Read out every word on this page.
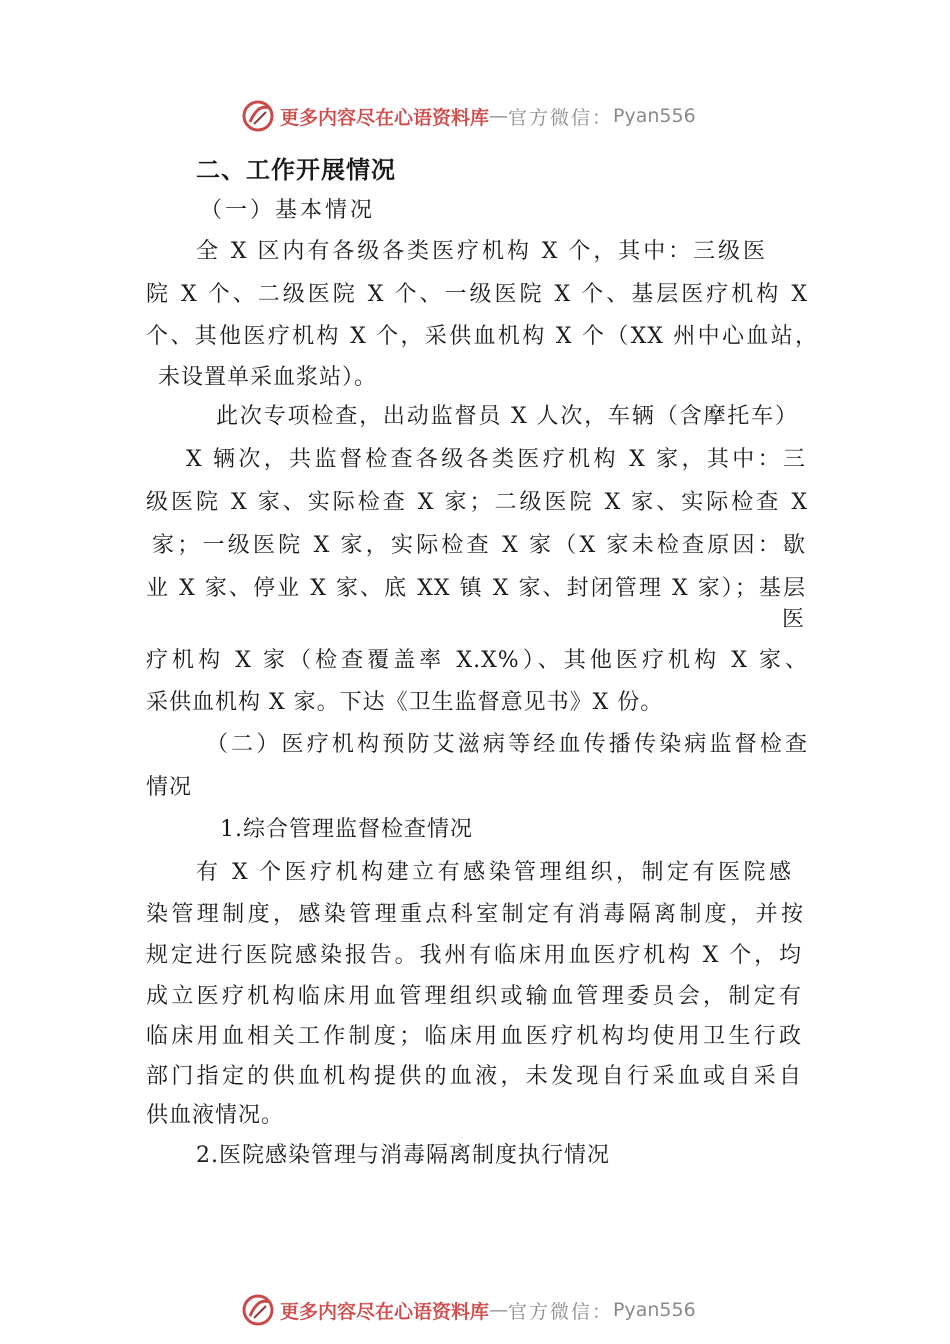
更多内容尽在心语资料库 — 官方微信： Pyan556
二、工作开展情况
（一）基本情况
全 X 区内有各级各类医疗机构 X 个，其中：三级医
院 X 个、二级医院 X 个、一级医院 X 个、基层医疗机构 X
个、其他医疗机构 X 个，采供血机构 X 个（XX 州中心血站，
未设置单采血浆站）。
此次专项检查，出动监督员 X 人次，车辆（含摩托车）
X 辆次，共监督检查各级各类医疗机构 X 家，其中：三
级医院 X 家、实际检查 X 家；二级医院 X 家、实际检查 X
家；一级医院 X 家，实际检查 X 家（X 家未检查原因：歇
业 X 家、停业 X 家、底 XX 镇 X 家、封闭管理 X 家）；基层
医
疗机构 X 家（检查覆盖率 X.X%）、其他医疗机构 X 家、
采供血机构 X 家。下达《卫生监督意见书》X 份。
（二）医疗机构预防艾滋病等经血传播传染病监督检查
情况
1.综合管理监督检查情况
有 X 个医疗机构建立有感染管理组织，制定有医院感
染管理制度，感染管理重点科室制定有消毒隔离制度，并按
规定进行医院感染报告。我州有临床用血医疗机构 X 个，均
成立医疗机构临床用血管理组织或输血管理委员会，制定有
临床用血相关工作制度；临床用血医疗机构均使用卫生行政
部门指定的供血机构提供的血液，未发现自行采血或自采自
供血液情况。
2.医院感染管理与消毒隔离制度执行情况
更多内容尽在心语资料库 — 官方微信： Pyan556
